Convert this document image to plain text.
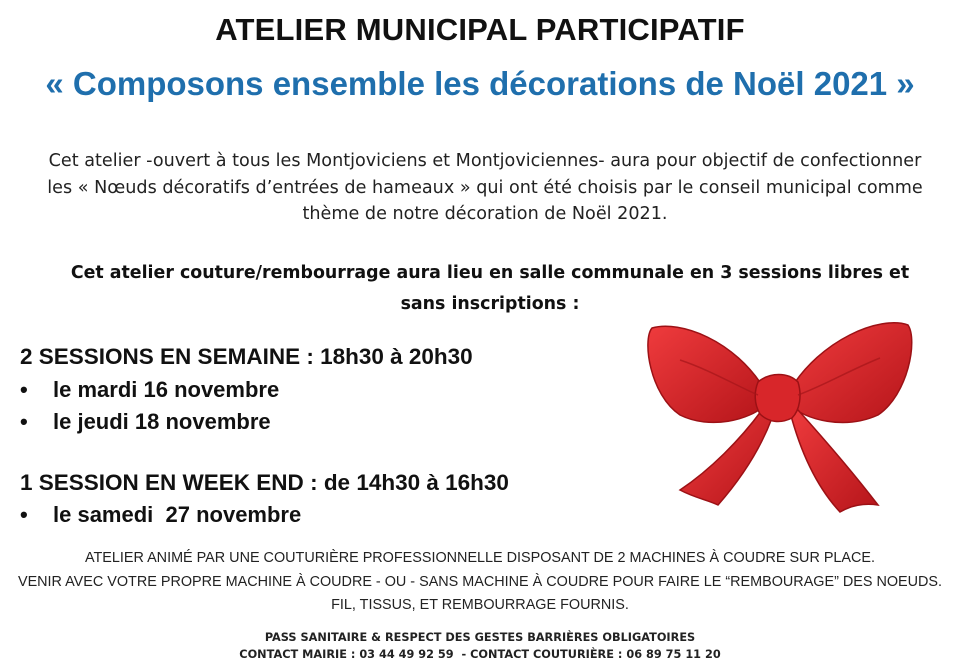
ATELIER MUNICIPAL PARTICIPATIF
« Composons ensemble les décorations de Noël 2021 »
Cet atelier -ouvert à tous les Montjoviciens et Montjoviciennes- aura pour objectif de confectionner
les « Nœuds décoratifs d’entrées de hameaux » qui ont été choisis par le conseil municipal comme
thème de notre décoration de Noël 2021.
Cet atelier couture/rembourrage aura lieu en salle communale en 3 sessions libres et
sans inscriptions :
2 SESSIONS EN SEMAINE : 18h30 à 20h30
• le mardi 16 novembre
• le jeudi 18 novembre
1 SESSION EN WEEK END : de 14h30 à 16h30
• le samedi  27 novembre
ATELIER ANIMÉ PAR UNE COUTURIÈRE PROFESSIONNELLE DISPOSANT DE 2 MACHINES À COUDRE SUR PLACE.
VENIR AVEC VOTRE PROPRE MACHINE À COUDRE - OU - SANS MACHINE À COUDRE POUR FAIRE LE “REMBOURAGE” DES NOEUDS.
FIL, TISSUS, ET REMBOURRAGE FOURNIS.
PASS SANITAIRE & RESPECT DES GESTES BARRIÈRES OBLIGATOIRES
CONTACT MAIRIE : 03 44 49 92 59  - CONTACT COUTURIÈRE : 06 89 75 11 20
